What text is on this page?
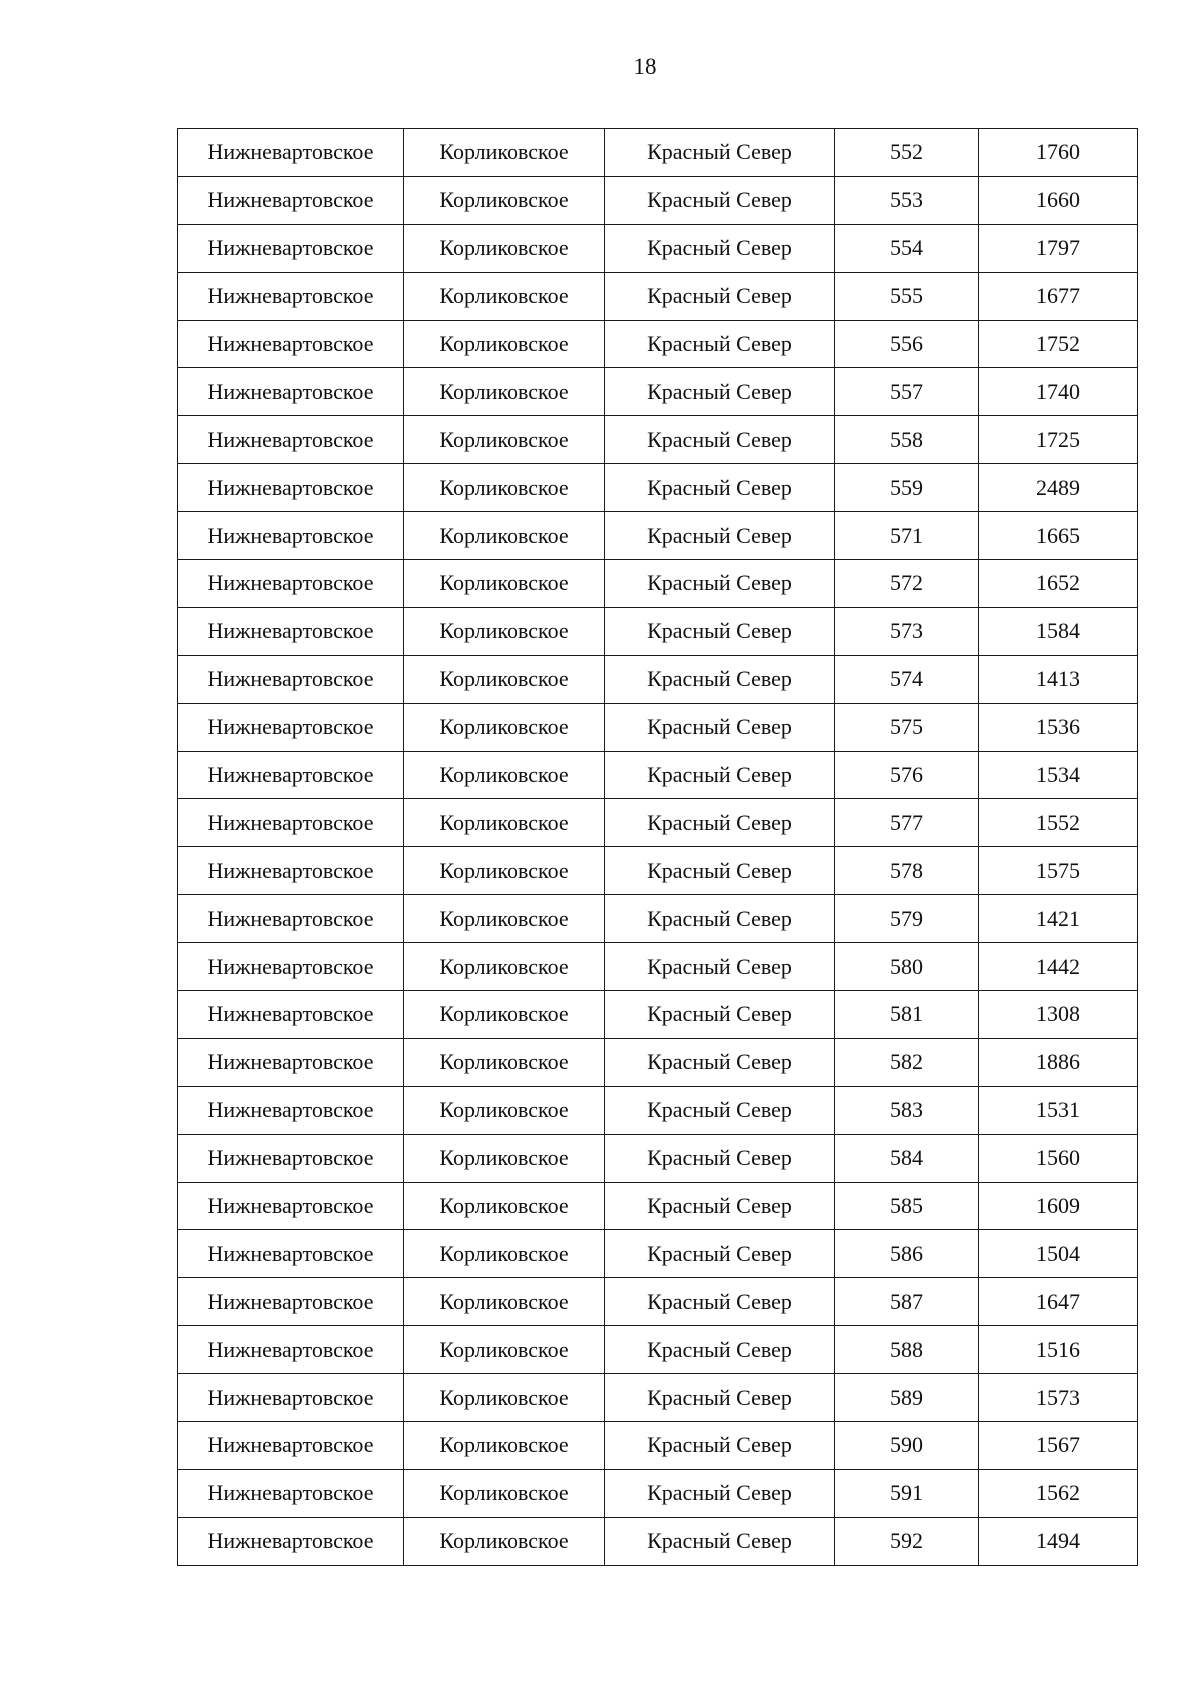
18
Нижневартовское	Корликовское	Красный Север	552	1760
Нижневартовское	Корликовское	Красный Север	553	1660
Нижневартовское	Корликовское	Красный Север	554	1797
Нижневартовское	Корликовское	Красный Север	555	1677
Нижневартовское	Корликовское	Красный Север	556	1752
Нижневартовское	Корликовское	Красный Север	557	1740
Нижневартовское	Корликовское	Красный Север	558	1725
Нижневартовское	Корликовское	Красный Север	559	2489
Нижневартовское	Корликовское	Красный Север	571	1665
Нижневартовское	Корликовское	Красный Север	572	1652
Нижневартовское	Корликовское	Красный Север	573	1584
Нижневартовское	Корликовское	Красный Север	574	1413
Нижневартовское	Корликовское	Красный Север	575	1536
Нижневартовское	Корликовское	Красный Север	576	1534
Нижневартовское	Корликовское	Красный Север	577	1552
Нижневартовское	Корликовское	Красный Север	578	1575
Нижневартовское	Корликовское	Красный Север	579	1421
Нижневартовское	Корликовское	Красный Север	580	1442
Нижневартовское	Корликовское	Красный Север	581	1308
Нижневартовское	Корликовское	Красный Север	582	1886
Нижневартовское	Корликовское	Красный Север	583	1531
Нижневартовское	Корликовское	Красный Север	584	1560
Нижневартовское	Корликовское	Красный Север	585	1609
Нижневартовское	Корликовское	Красный Север	586	1504
Нижневартовское	Корликовское	Красный Север	587	1647
Нижневартовское	Корликовское	Красный Север	588	1516
Нижневартовское	Корликовское	Красный Север	589	1573
Нижневартовское	Корликовское	Красный Север	590	1567
Нижневартовское	Корликовское	Красный Север	591	1562
Нижневартовское	Корликовское	Красный Север	592	1494
